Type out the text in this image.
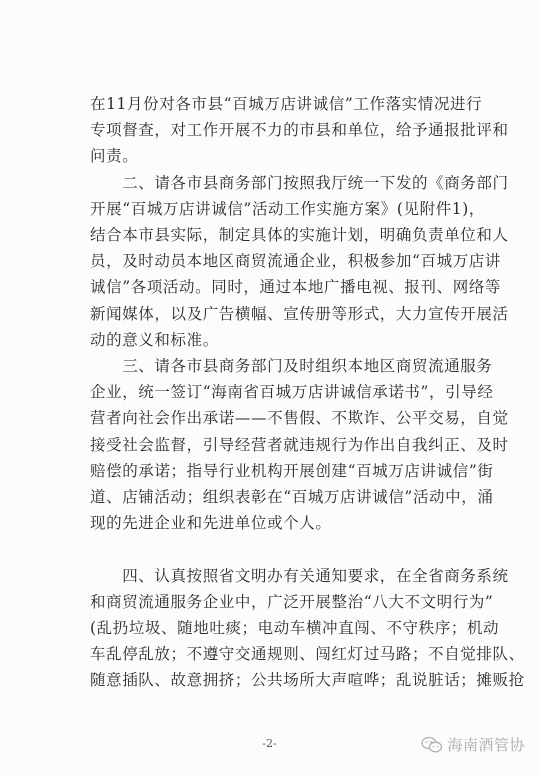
在11月份对各市县“百城万店讲诚信”工作落实情况进行
专项督查，对工作开展不力的市县和单位，给予通报批评和
问责。
　　二、请各市县商务部门按照我厅统一下发的《商务部门
开展“百城万店讲诚信”活动工作实施方案》(见附件1)，
结合本市县实际，制定具体的实施计划，明确负责单位和人
员，及时动员本地区商贸流通企业，积极参加“百城万店讲
诚信”各项活动。同时，通过本地广播电视、报刊、网络等
新闻媒体，以及广告横幅、宣传册等形式，大力宣传开展活
动的意义和标准。
　　三、请各市县商务部门及时组织本地区商贸流通服务
企业，统一签订“海南省百城万店讲诚信承诺书”，引导经
营者向社会作出承诺——不售假、不欺诈、公平交易，自觉
接受社会监督，引导经营者就违规行为作出自我纠正、及时
赔偿的承诺；指导行业机构开展创建“百城万店讲诚信”街
道、店铺活动；组织表彰在“百城万店讲诚信”活动中，涌
现的先进企业和先进单位或个人。

　　四、认真按照省文明办有关通知要求，在全省商务系统
和商贸流通服务企业中，广泛开展整治“八大不文明行为”
(乱扔垃圾、随地吐痰；电动车横冲直闯、不守秩序；机动
车乱停乱放；不遵守交通规则、闯红灯过马路；不自觉排队、
随意插队、故意拥挤；公共场所大声喧哗；乱说脏话；摊贩抢
-2-	海南酒管协
